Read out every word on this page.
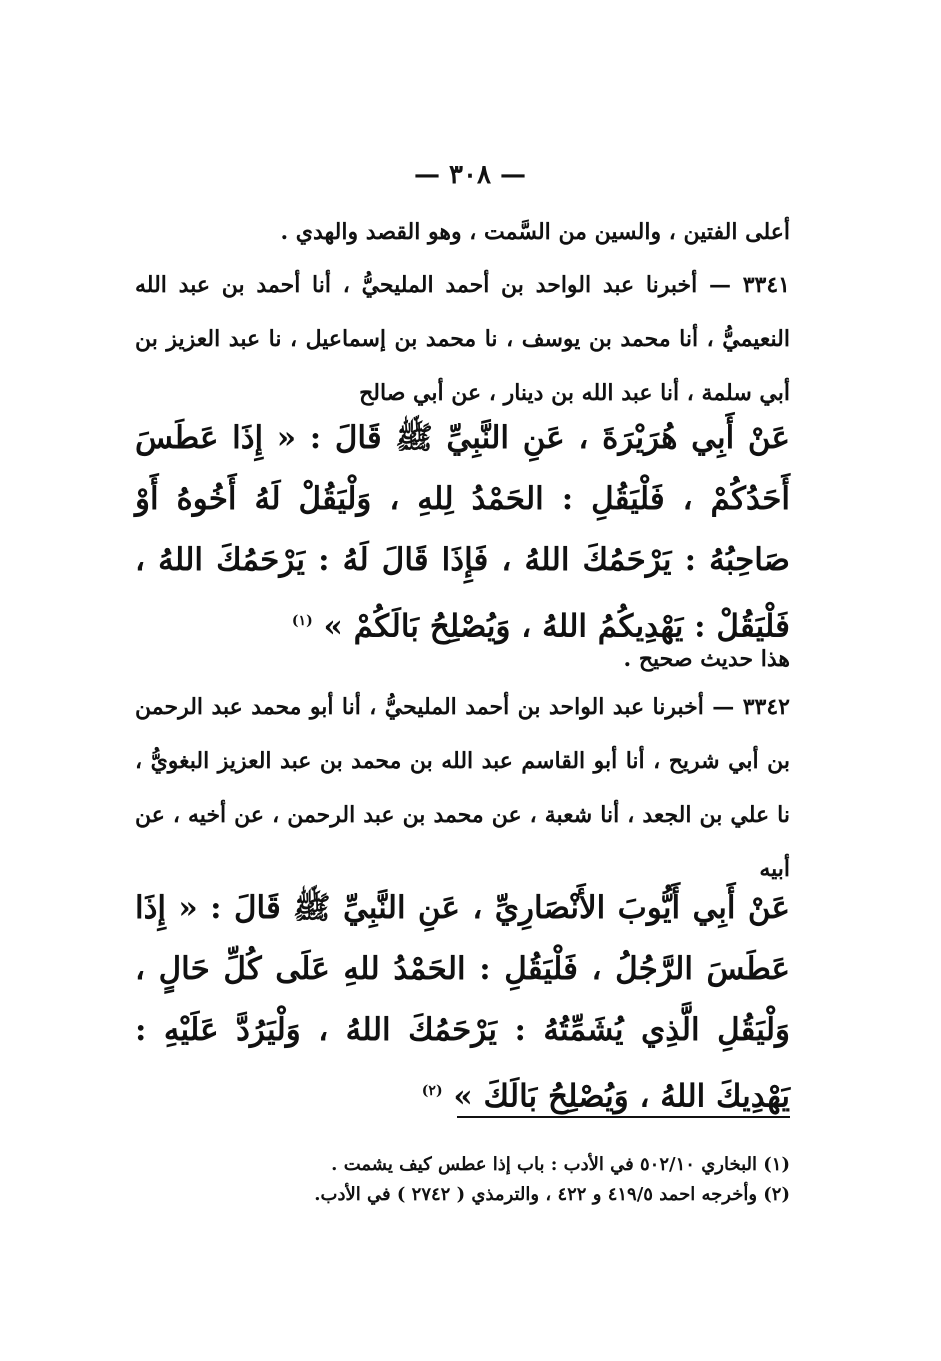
— ٣٠٨ —
أعلى الفتين ، والسين من السَّمت ، وهو القصد والهدي .
٣٣٤١ — أخبرنا عبد الواحد بن أحمد المليحيُّ ، أنا أحمد بن عبد الله النعيميُّ ، أنا محمد بن يوسف ، نا محمد بن إسماعيل ، نا عبد العزيز بن أبي سلمة ، أنا عبد الله بن دينار ، عن أبي صالح
عَنْ أَبِي هُرَيْرَةَ ، عَنِ النَّبِيِّ ﷺ قَالَ : « إِذَا عَطَسَ أَحَدُكُمْ ، فَلْيَقُلِ : الحَمْدُ لِلهِ ، وَلْيَقُلْ لَهُ أَخُوهُ أَوْ صَاحِبُهُ : يَرْحَمُكَ اللهُ ، فَإِذَا قَالَ لَهُ : يَرْحَمُكَ اللهُ ، فَلْيَقُلْ : يَهْدِيكُمُ اللهُ ، وَيُصْلِحُ بَالَكُمْ » $^{(١)}$
هذا حديث صحيح .
٣٣٤٢ — أخبرنا عبد الواحد بن أحمد المليحيُّ ، أنا أبو محمد عبد الرحمن بن أبي شريح ، أنا أبو القاسم عبد الله بن محمد بن عبد العزيز البغويُّ ، نا علي بن الجعد ، أنا شعبة ، عن محمد بن عبد الرحمن ، عن أخيه ، عن أبيه
عَنْ أَبِي أَيُّوبَ الأَنْصَارِيِّ ، عَنِ النَّبِيِّ ﷺ قَالَ : « إِذَا عَطَسَ الرَّجُلُ ، فَلْيَقُلِ : الحَمْدُ للهِ عَلَى كُلِّ حَالٍ ، وَلْيَقُلِ الَّذِي يُشَمِّتُهُ : يَرْحَمُكَ اللهُ ، وَلْيَرُدَّ عَلَيْهِ : يَهْدِيكَ اللهُ ، وَيُصْلِحُ بَالَكَ » $^{(٢)}$
(١) البخاري ٥٠٢/١٠ في الأدب : باب إذا عطس كيف يشمت .
(٢) وأخرجه احمد ٤١٩/٥ و ٤٢٢ ، والترمذي ( ٢٧٤٢ ) في الأدب.
